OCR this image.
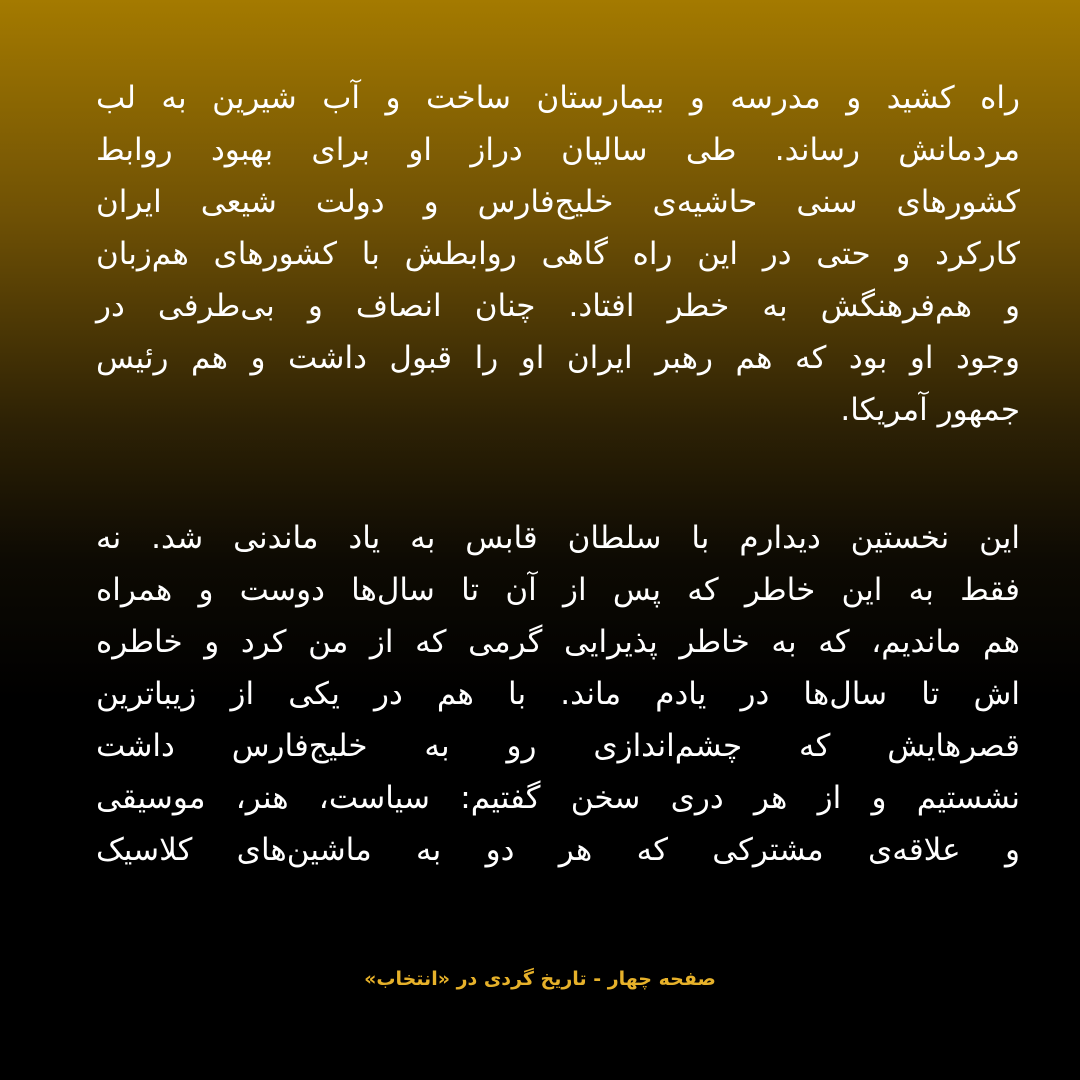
راه کشید و مدرسه و بیمارستان ساخت و آب شیرین به لب
مردمانش رساند. طی سالیان دراز او برای بهبود روابط
کشورهای سنی حاشیه‌ی خلیج‌فارس و دولت شیعی ایران
کارکرد و حتی در این راه گاهی روابطش با کشورهای هم‌زبان
و هم‌فرهنگش به خطر افتاد. چنان انصاف و بی‌طرفی در
وجود او بود که هم رهبر ایران او را قبول داشت و هم رئیس
جمهور آمریکا.
این نخستین دیدارم با سلطان قابس به یاد ماندنی شد. نه
فقط به این خاطر که پس از آن تا سال‌ها دوست و همراه
هم ماندیم، که به خاطر پذیرایی گرمی که از من کرد و خاطره
اش تا سال‌ها در یادم ماند. با هم در یکی از زیباترین
قصرهایش که چشم‌اندازی رو به خلیج‌فارس داشت
نشستیم و از هر دری سخن گفتیم: سیاست، هنر، موسیقی
و علاقه‌ی مشترکی که هر دو به ماشین‌های کلاسیک
صفحه چهار - تاریخ گردی در «انتخاب»
